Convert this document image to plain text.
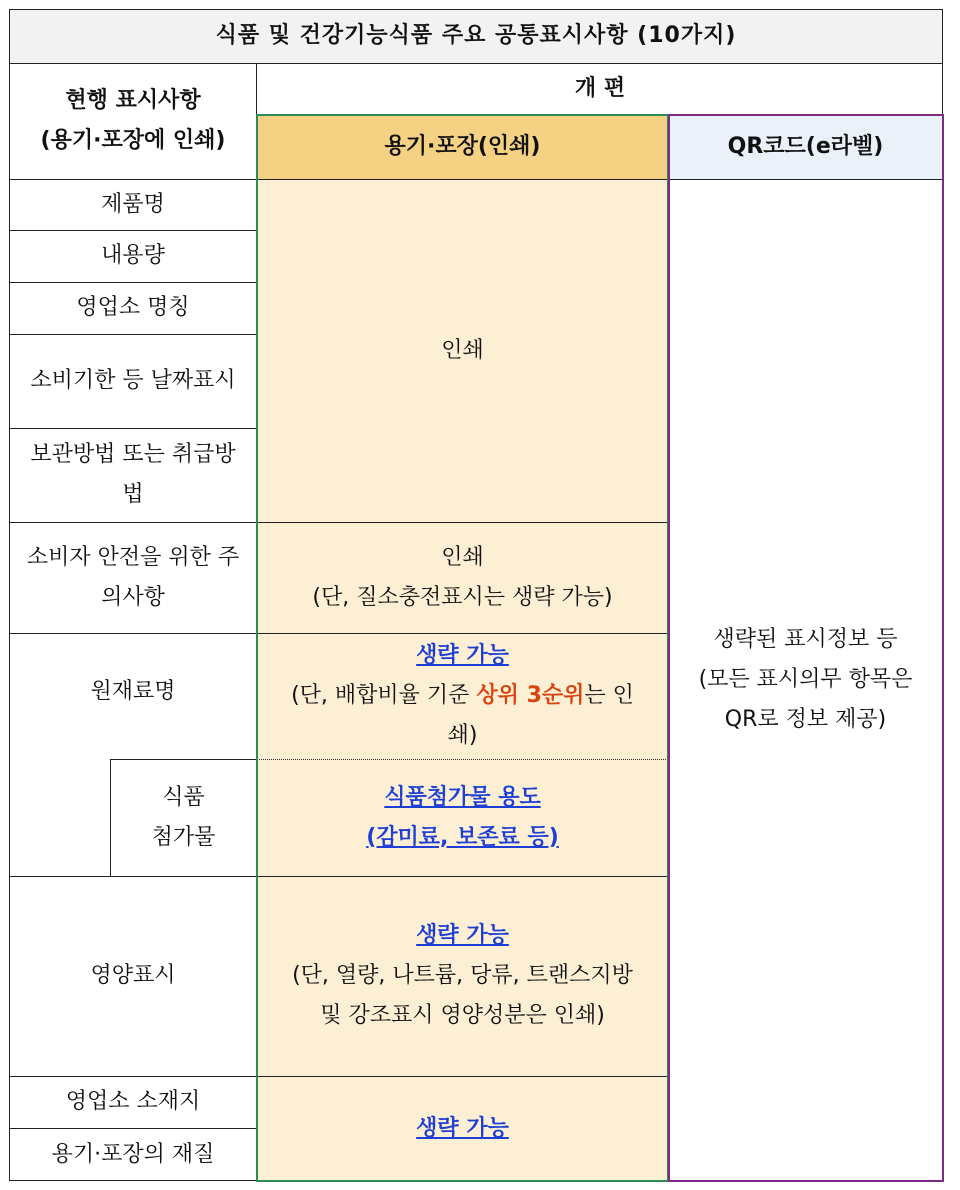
식품 및 건강기능식품 주요 공통표시사항 (10가지)
현행 표시사항
(용기·포장에 인쇄)
개 편
용기·포장(인쇄)	QR코드(e라벨)
제품명
내용량
영업소 명칭
소비기한 등 날짜표시
보관방법 또는 취급방
법
소비자 안전을 위한 주
의사항
원재료명
식품
첨가물
영양표시
영업소 소재지
용기·포장의 재질
인쇄
인쇄
(단, 질소충전표시는 생략 가능)
생략 가능
(단, 배합비율 기준 상위 3순위는 인
쇄)
식품첨가물 용도
(감미료, 보존료 등)
생략 가능
(단, 열량, 나트륨, 당류, 트랜스지방
및 강조표시 영양성분은 인쇄)
생략 가능
생략된 표시정보 등
(모든 표시의무 항목은
QR로 정보 제공)
